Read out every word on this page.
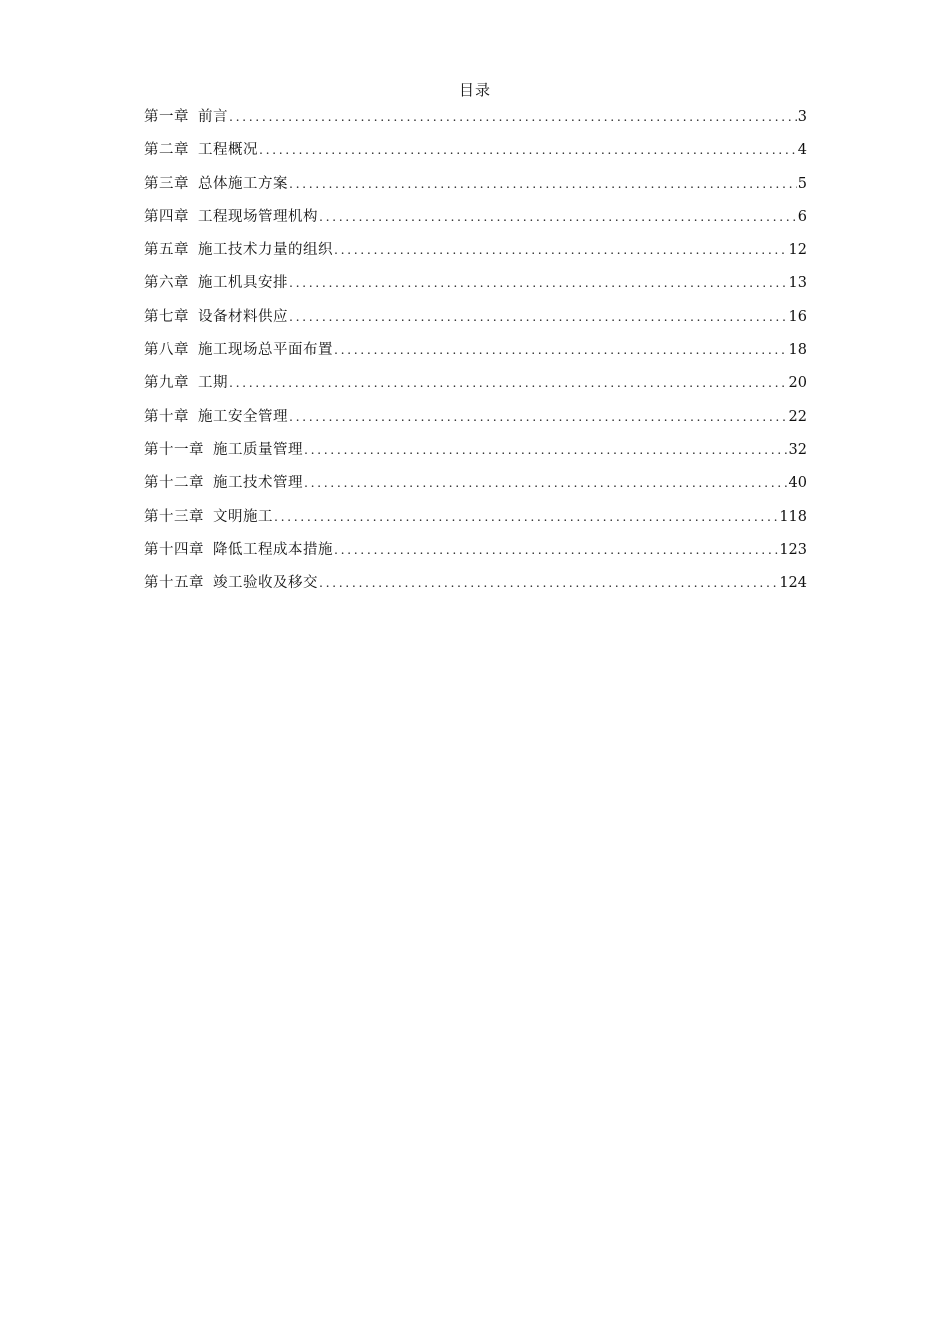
目录
第一章 前言 .....	3
第二章 工程概况 .....	4
第三章 总体施工方案 .....	5
第四章 工程现场管理机构 .....	6
第五章 施工技术力量的组织 .....	12
第六章 施工机具安排 .....	13
第七章 设备材料供应 .....	16
第八章 施工现场总平面布置 .....	18
第九章 工期 .....	20
第十章 施工安全管理 .....	22
第十一章 施工质量管理 .....	32
第十二章 施工技术管理 .....	40
第十三章 文明施工 .....	118
第十四章 降低工程成本措施 .....	123
第十五章 竣工验收及移交 .....	124
